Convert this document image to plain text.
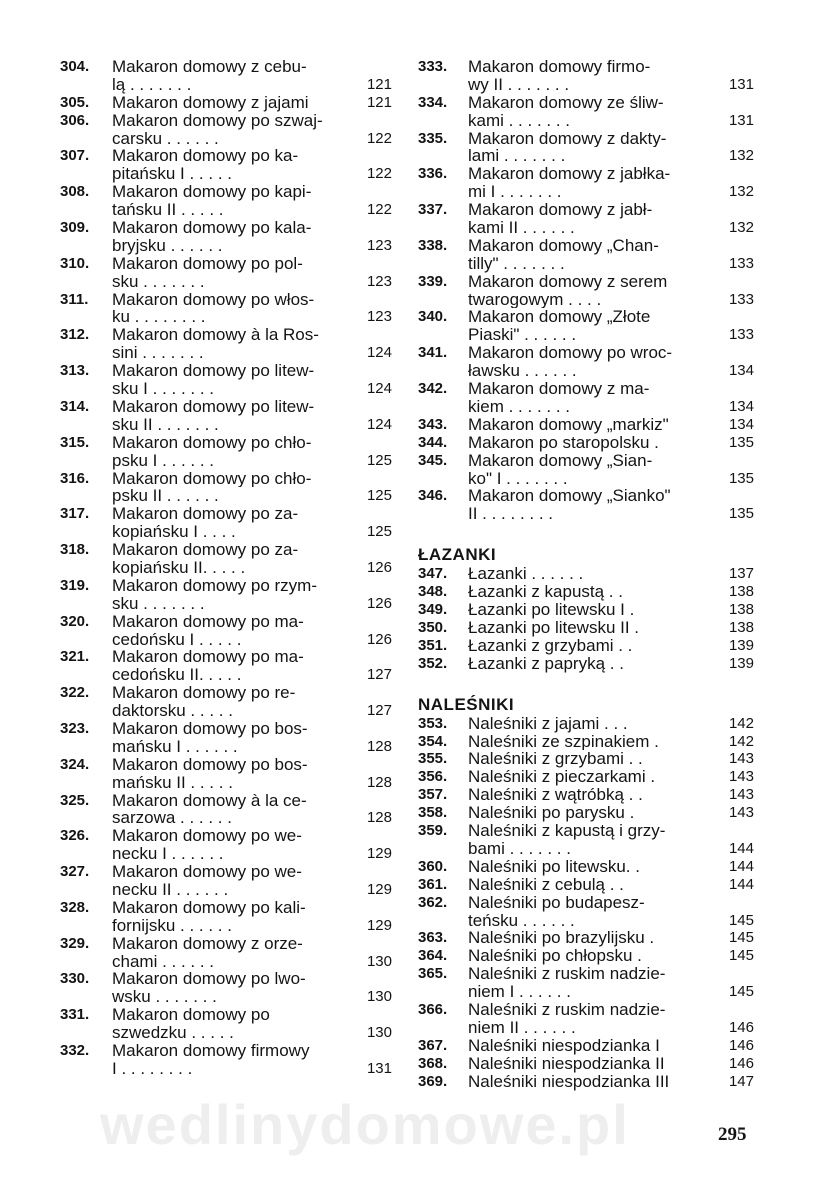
wedlinydomowe.pl
304.	Makaron domowy z cebu-
lą . . . . . . .	121
305.	Makaron domowy z jajami	121
306.	Makaron domowy po szwaj-
carsku . . . . . .	122
307.	Makaron domowy po ka-
pitańsku I . . . . .	122
308.	Makaron domowy po kapi-
tańsku II . . . . .	122
309.	Makaron domowy po kala-
bryjsku . . . . . .	123
310.	Makaron domowy po pol-
sku . . . . . . .	123
311.	Makaron domowy po włos-
ku . . . . . . . .	123
312.	Makaron domowy à la Ros-
sini . . . . . . .	124
313.	Makaron domowy po litew-
sku I . . . . . . .	124
314.	Makaron domowy po litew-
sku II . . . . . . .	124
315.	Makaron domowy po chło-
psku I . . . . . .	125
316.	Makaron domowy po chło-
psku II . . . . . .	125
317.	Makaron domowy po za-
kopiańsku I . . . .	125
318.	Makaron domowy po za-
kopiańsku II. . . . .	126
319.	Makaron domowy po rzym-
sku . . . . . . .	126
320.	Makaron domowy po ma-
cedońsku I . . . . .	126
321.	Makaron domowy po ma-
cedońsku II. . . . .	127
322.	Makaron domowy po re-
daktorsku . . . . .	127
323.	Makaron domowy po bos-
mańsku I . . . . . .	128
324.	Makaron domowy po bos-
mańsku II . . . . .	128
325.	Makaron domowy à la ce-
sarzowa . . . . . .	128
326.	Makaron domowy po we-
necku I . . . . . .	129
327.	Makaron domowy po we-
necku II . . . . . .	129
328.	Makaron domowy po kali-
fornijsku . . . . . .	129
329.	Makaron domowy z orze-
chami . . . . . .	130
330.	Makaron domowy po lwo-
wsku . . . . . . .	130
331.	Makaron domowy po
szwedzku . . . . .	130
332.	Makaron domowy firmowy
I . . . . . . . .	131
333.	Makaron domowy firmo-
wy II . . . . . . .	131
334.	Makaron domowy ze śliw-
kami . . . . . . .	131
335.	Makaron domowy z dakty-
lami . . . . . . .	132
336.	Makaron domowy z jabłka-
mi I . . . . . . .	132
337.	Makaron domowy z jabł-
kami II . . . . . .	132
338.	Makaron domowy „Chan-
tilly" . . . . . . .	133
339.	Makaron domowy z serem
twarogowym . . . .	133
340.	Makaron domowy „Złote
Piaski" . . . . . .	133
341.	Makaron domowy po wroc-
ławsku . . . . . .	134
342.	Makaron domowy z ma-
kiem . . . . . . .	134
343.	Makaron domowy „markiz"	134
344.	Makaron po staropolsku .	135
345.	Makaron domowy „Sian-
ko" I . . . . . . .	135
346.	Makaron domowy „Sianko"
II . . . . . . . .	135
ŁAZANKI
347.	Łazanki . . . . . .	137
348.	Łazanki z kapustą . .	138
349.	Łazanki po litewsku I .	138
350.	Łazanki po litewsku II .	138
351.	Łazanki z grzybami . .	139
352.	Łazanki z papryką . .	139
NALEŚNIKI
353.	Naleśniki z jajami . . .	142
354.	Naleśniki ze szpinakiem .	142
355.	Naleśniki z grzybami . .	143
356.	Naleśniki z pieczarkami .	143
357.	Naleśniki z wątróbką . .	143
358.	Naleśniki po parysku .	143
359.	Naleśniki z kapustą i grzy-
bami . . . . . . .	144
360.	Naleśniki po litewsku. .	144
361.	Naleśniki z cebulą . .	144
362.	Naleśniki po budapesz-
teńsku . . . . . .	145
363.	Naleśniki po brazylijsku .	145
364.	Naleśniki po chłopsku .	145
365.	Naleśniki z ruskim nadzie-
niem I . . . . . .	145
366.	Naleśniki z ruskim nadzie-
niem II . . . . . .	146
367.	Naleśniki niespodzianka I	146
368.	Naleśniki niespodzianka II	146
369.	Naleśniki niespodzianka III	147
295
